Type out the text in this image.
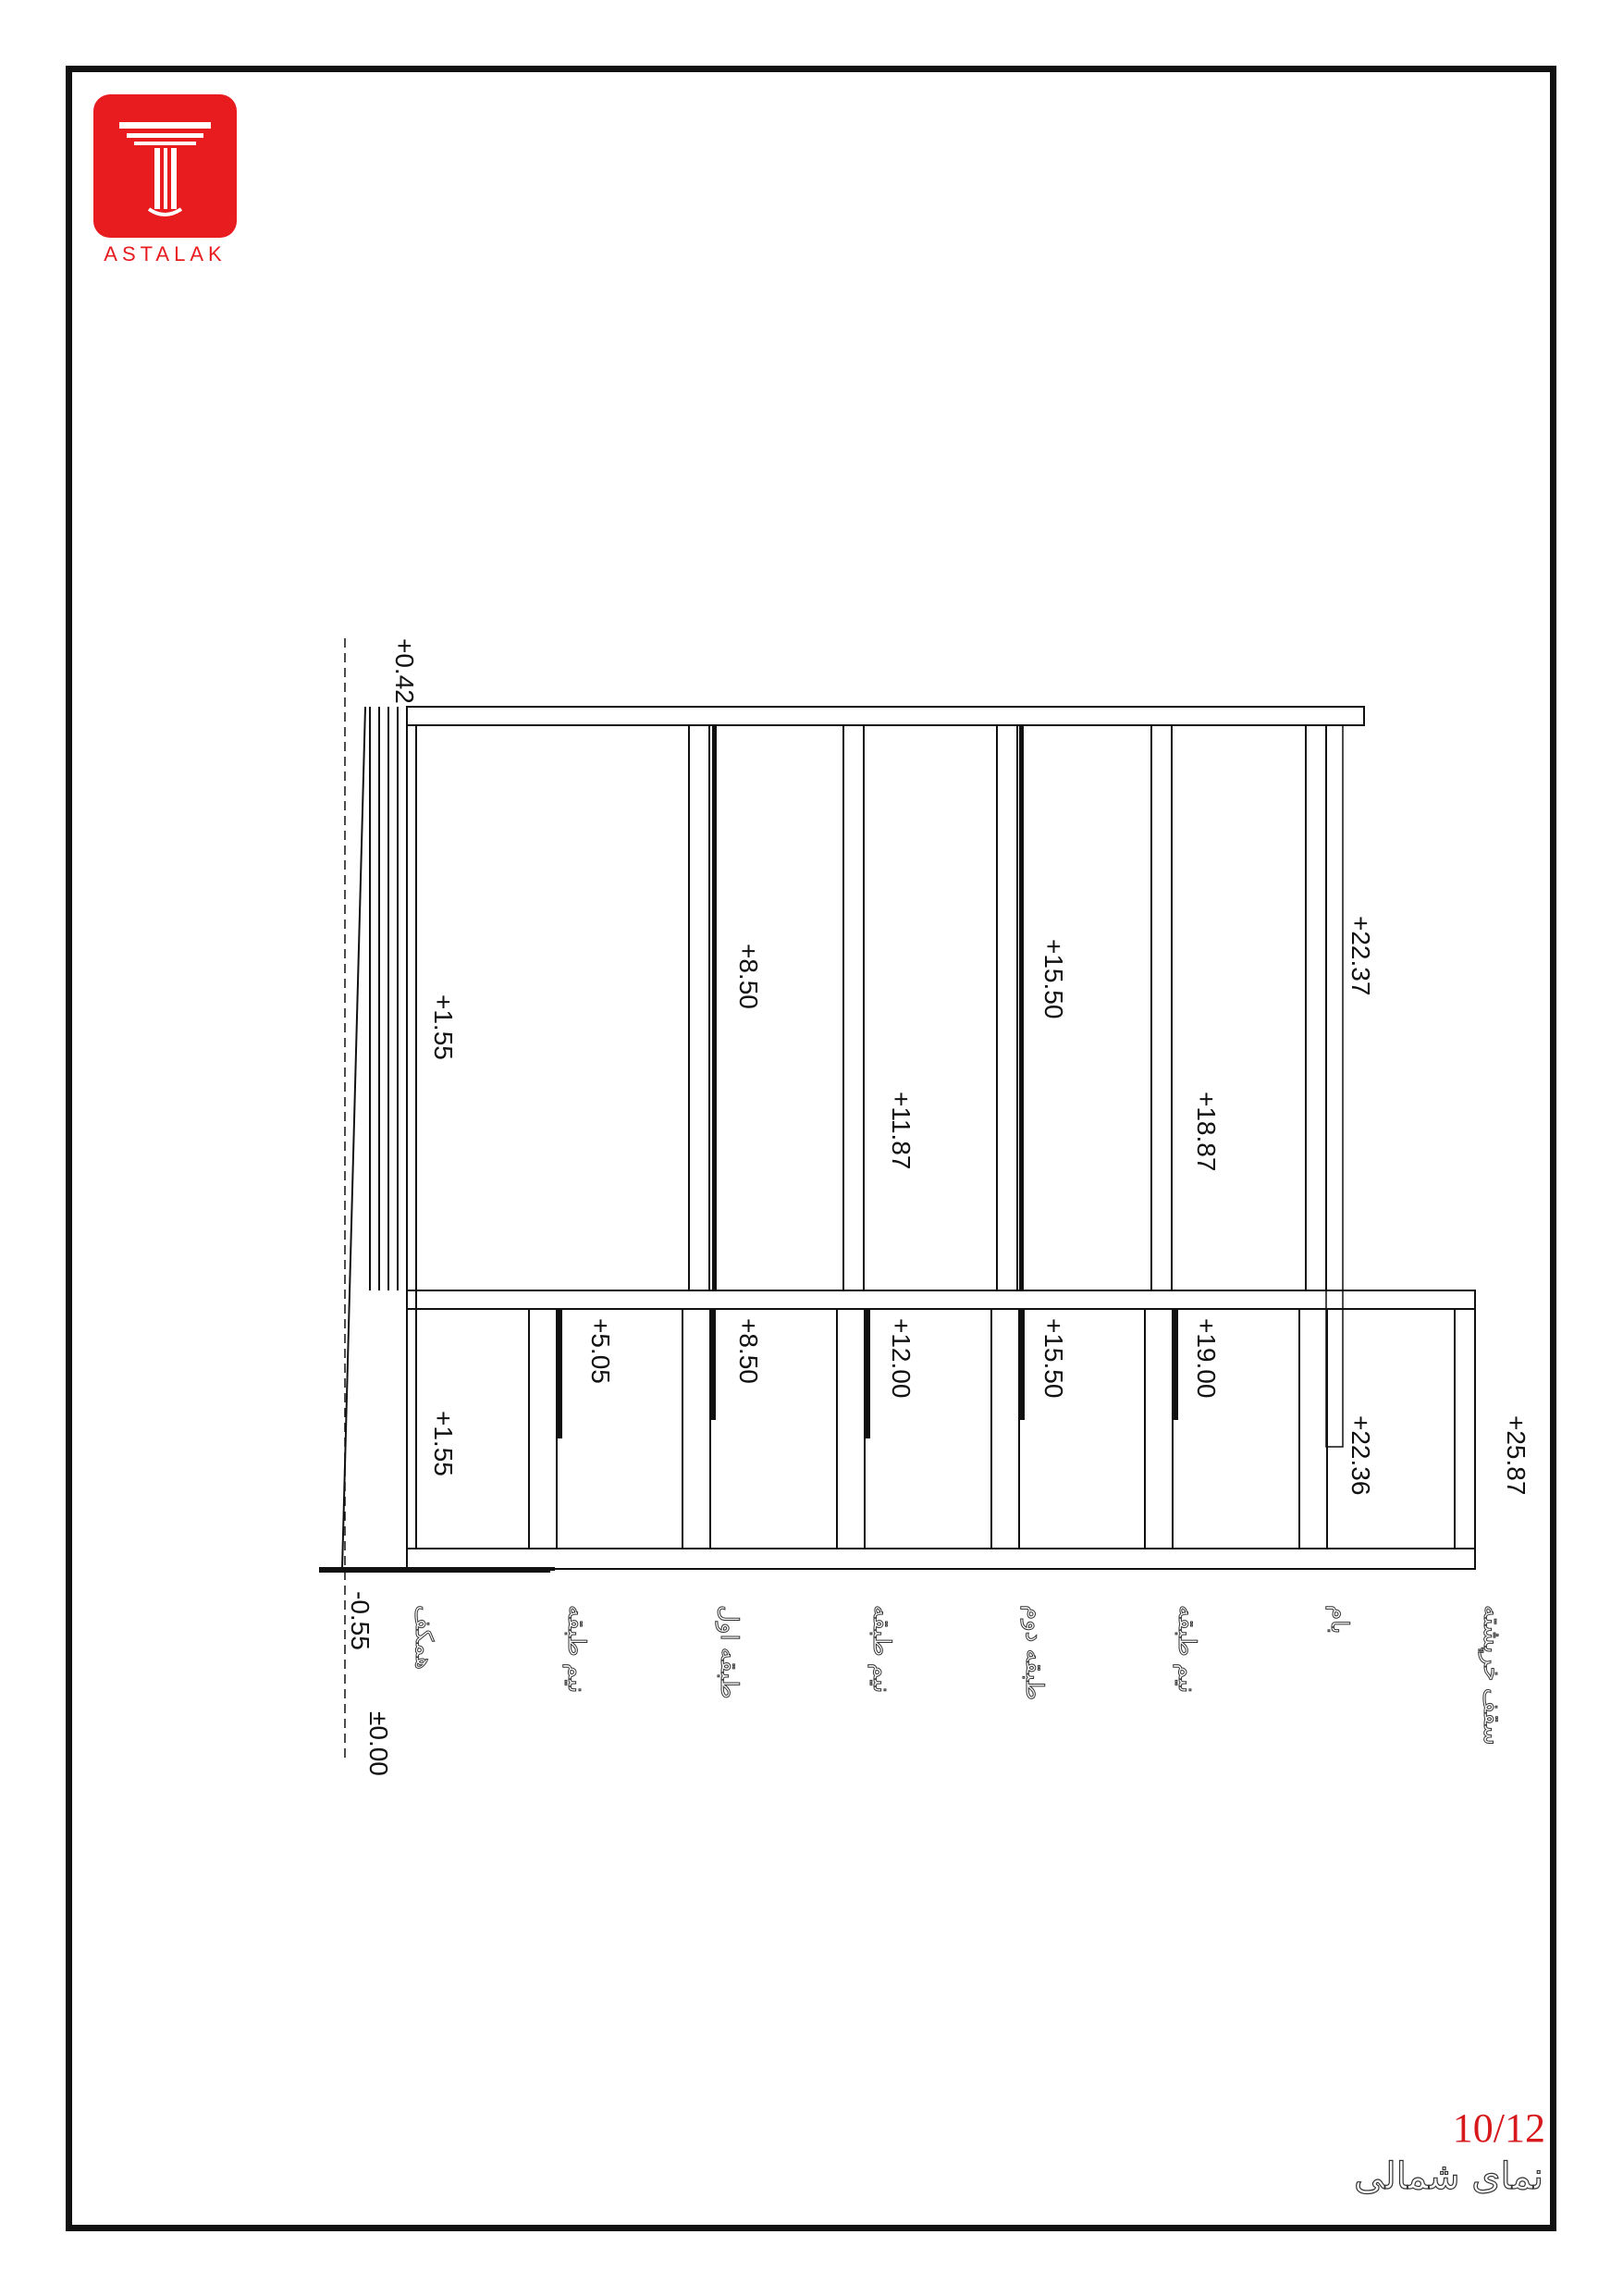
ASTALAK
+0.42
+1.55
+8.50
+11.87
+15.50
+18.87
+22.37
+1.55
+5.05	+8.50	+12.00	+15.50	+19.00
+22.36	+25.87
-0.55
±0.00
همکف	نیم طبقه	طبقه اول	نیم طبقه	طبقه دوم	نیم طبقه	بام	سقف خرپشته
10/12
نمای شمالی
